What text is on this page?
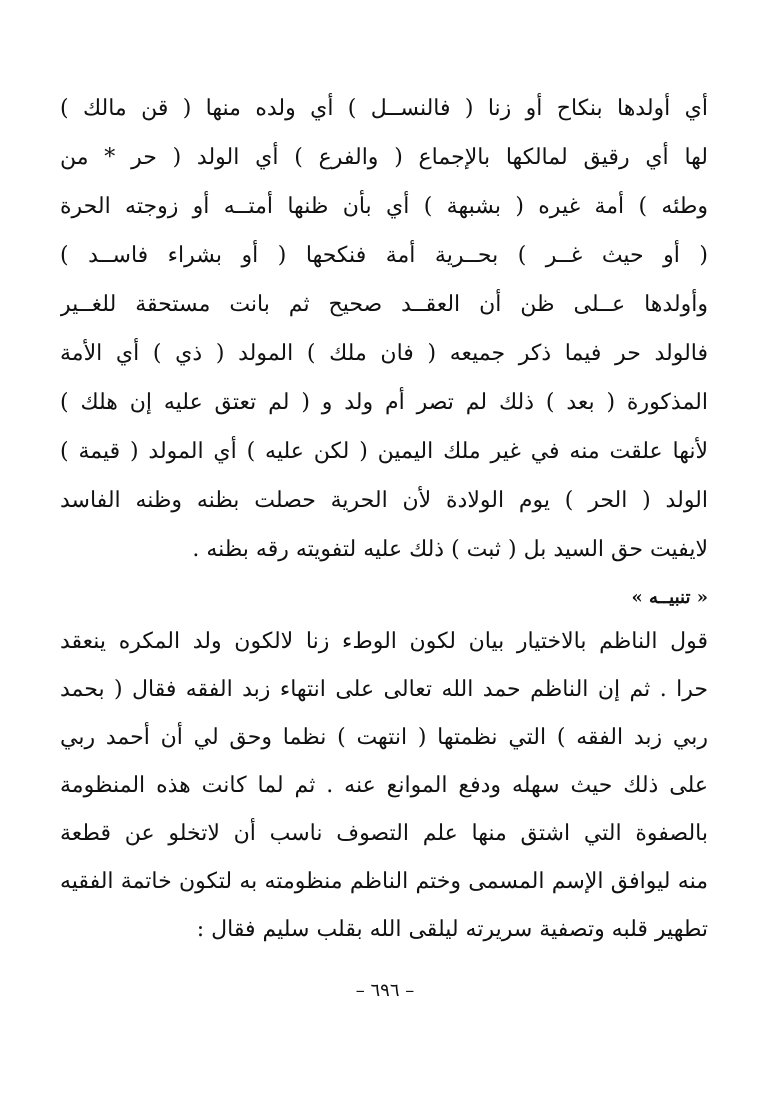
أي أولدها بنكاح أو زنا ( فالنســل ) أي ولده منها ( قن مالك )
لها أي رقيق لمالكها بالإجماع ( والفرع ) أي الولد ( حر * من
وطئه ) أمة غيره ( بشبهة ) أي بأن ظنها أمتــه أو زوجته الحرة
( أو حيث غــر ) بحــرية أمة فنكحها ( أو بشراء فاســد )
وأولدها عــلى ظن أن العقــد صحيح ثم بانت مستحقة للغــير
فالولد حر فيما ذكر جميعه ( فان ملك ) المولد ( ذي ) أي الأمة
المذكورة ( بعد ) ذلك لم تصر أم ولد و ( لم تعتق عليه إن هلك )
لأنها علقت منه في غير ملك اليمين ( لكن عليه ) أي المولد ( قيمة )
الولد ( الحر ) يوم الولادة لأن الحرية حصلت بظنه وظنه الفاسد
لايفيت حق السيد بل ( ثبت ) ذلك عليه لتفويته رقه بظنه .
« تنبيــه »
قول الناظم بالاختيار بيان لكون الوطء زنا لالكون ولد المكره ينعقد
حرا . ثم إن الناظم حمد الله تعالى على انتهاء زبد الفقه فقال ( بحمد
ربي زبد الفقه ) التي نظمتها ( انتهت ) نظما وحق لي أن أحمد ربي
على ذلك حيث سهله ودفع الموانع عنه . ثم لما كانت هذه المنظومة
بالصفوة التي اشتق منها علم التصوف ناسب أن لاتخلو عن قطعة
منه ليوافق الإسم المسمى وختم الناظم منظومته به لتكون خاتمة الفقيه
تطهير قلبه وتصفية سريرته ليلقى الله بقلب سليم فقال :
– ٦٩٦ –
